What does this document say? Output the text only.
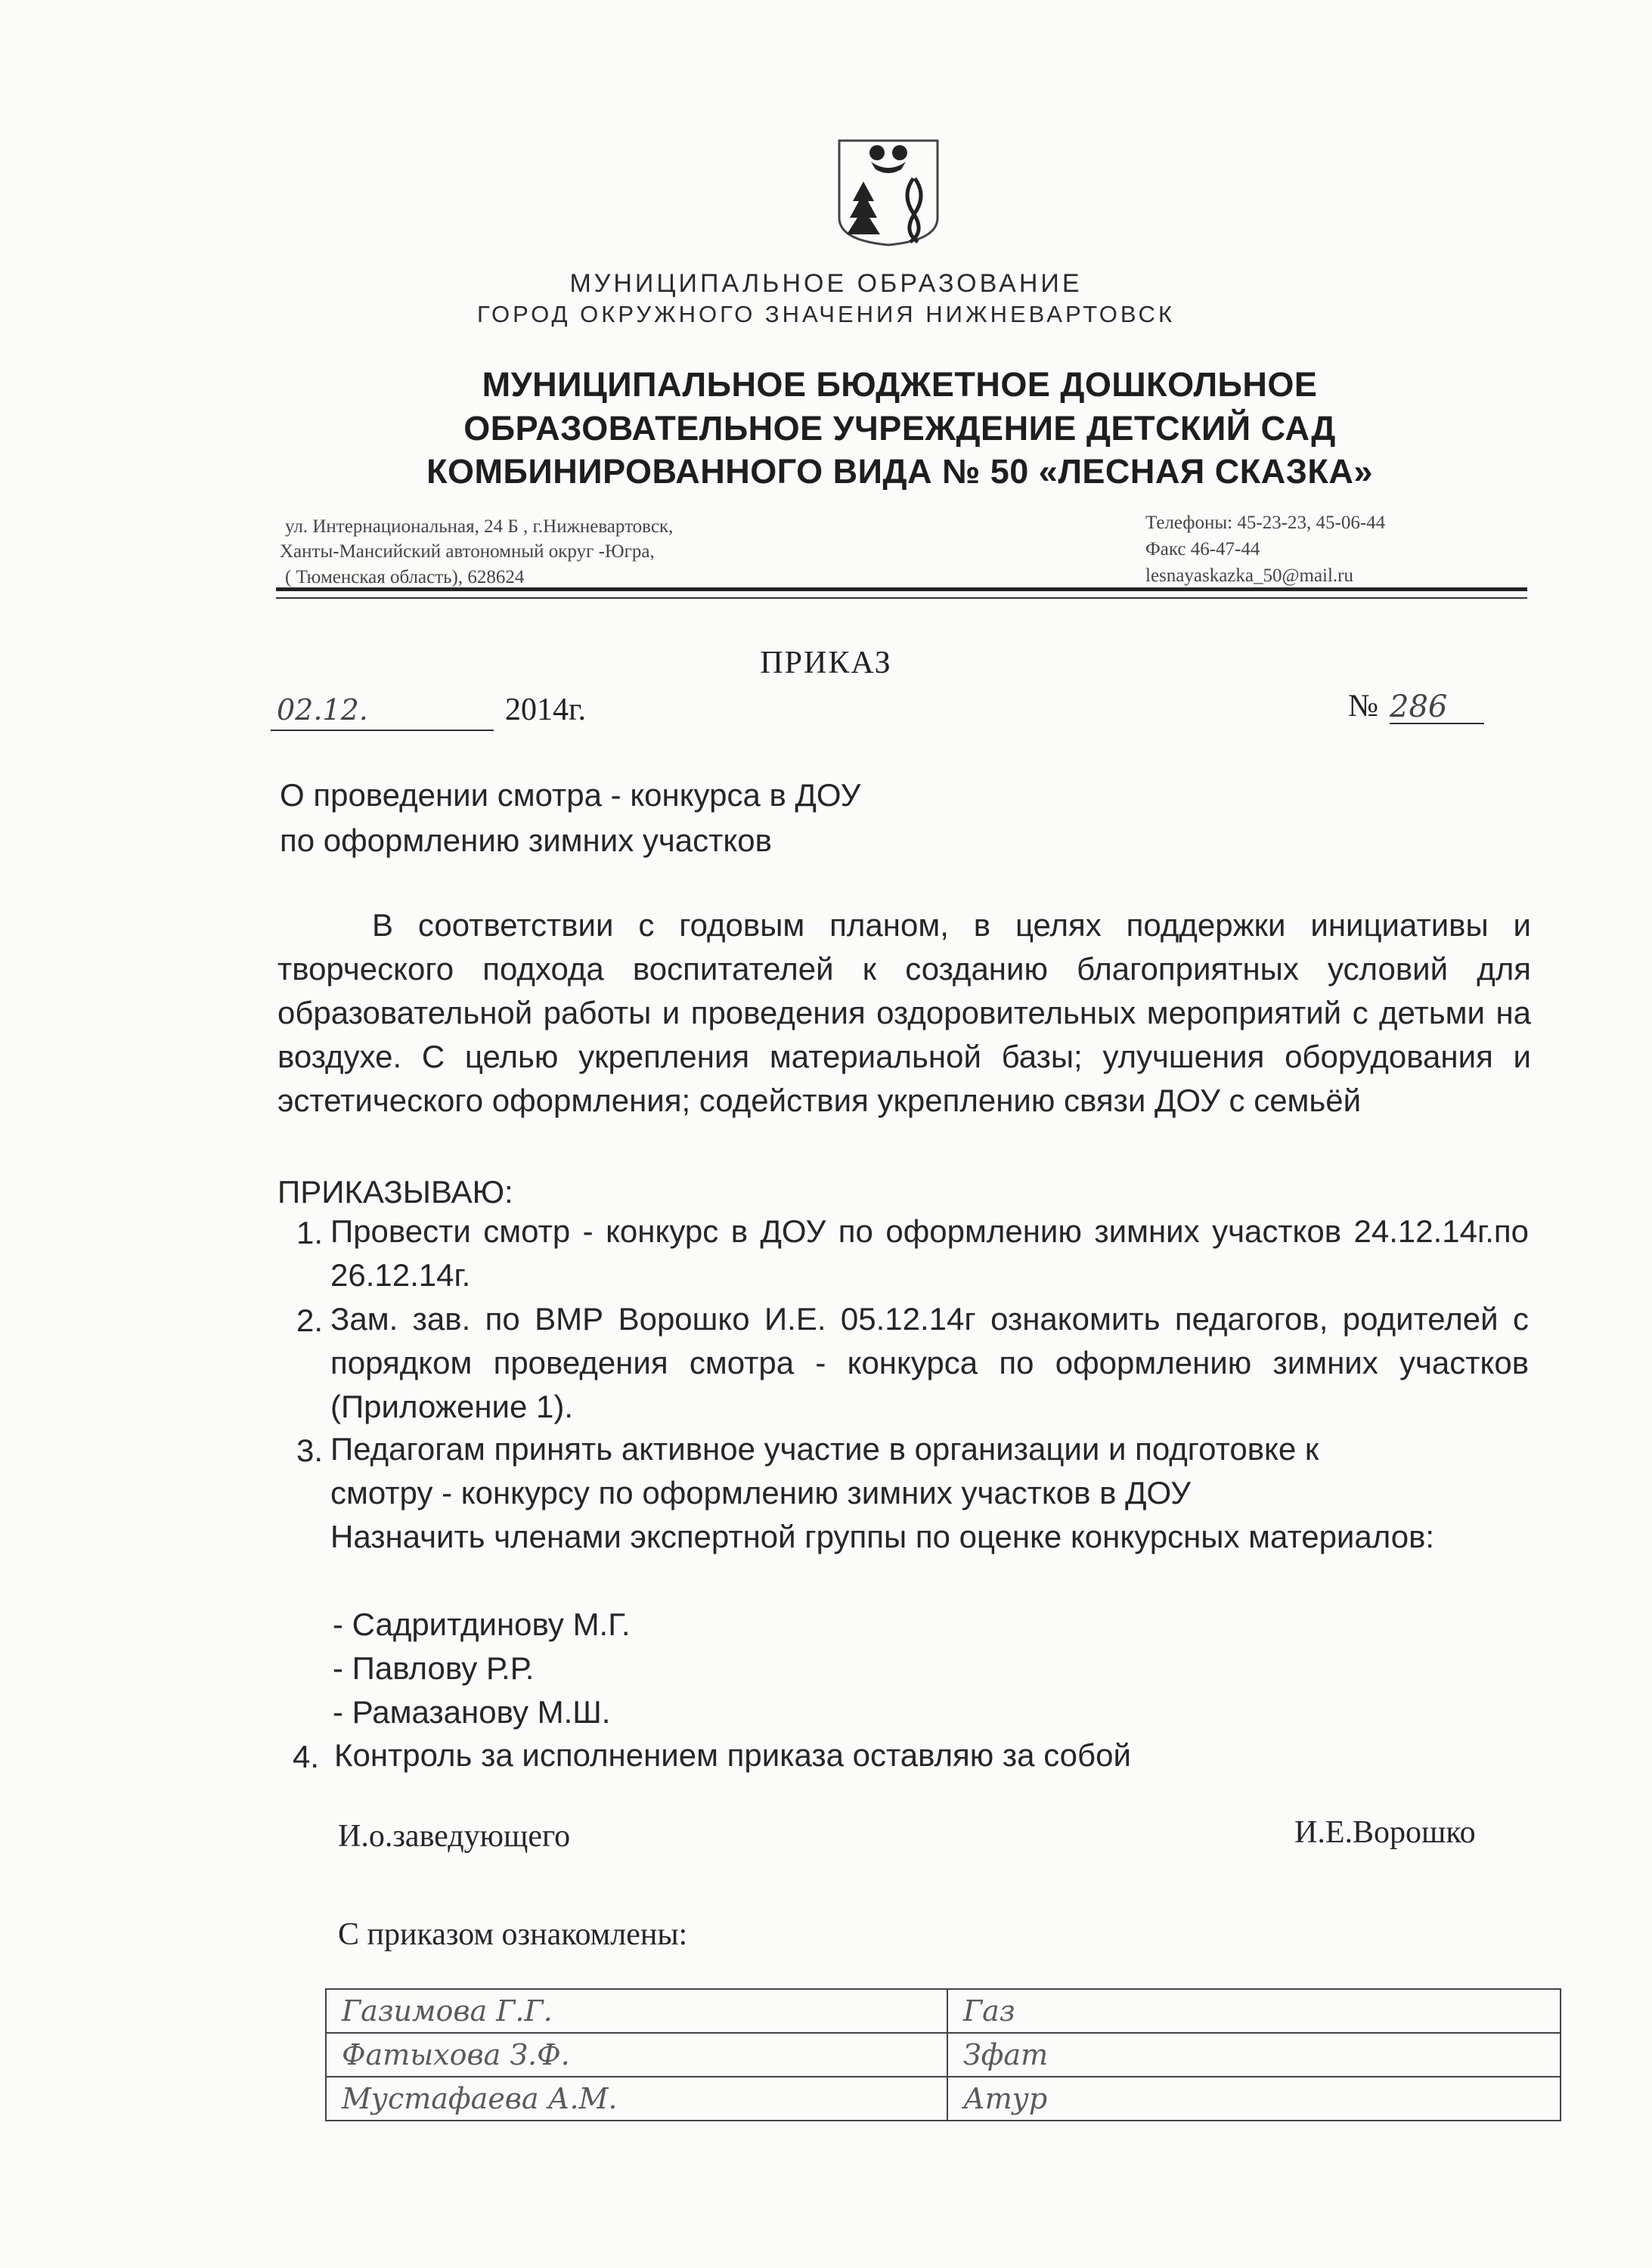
МУНИЦИПАЛЬНОЕ ОБРАЗОВАНИЕ
ГОРОД ОКРУЖНОГО ЗНАЧЕНИЯ НИЖНЕВАРТОВСК
МУНИЦИПАЛЬНОЕ БЮДЖЕТНОЕ ДОШКОЛЬНОЕ
ОБРАЗОВАТЕЛЬНОЕ УЧРЕЖДЕНИЕ ДЕТСКИЙ САД
КОМБИНИРОВАННОГО ВИДА № 50 «ЛЕСНАЯ СКАЗКА»
ул. Интернациональная, 24 Б , г.Нижневартовск,
Ханты-Мансийский автономный округ -Югра,
( Тюменская область), 628624
Телефоны: 45-23-23, 45-06-44
Факс 46-47-44
lesnayaskazka_50@mail.ru
ПРИКАЗ
02.12.	2014г.	№ 286
О проведении смотра - конкурса в ДОУ
по оформлению зимних участков
В соответствии с годовым планом, в целях поддержки инициативы и творческого подхода воспитателей к созданию благоприятных условий для образовательной работы и проведения оздоровительных мероприятий с детьми на воздухе. С целью укрепления материальной базы; улучшения оборудования и эстетического оформления; содействия укреплению связи ДОУ с семьёй
ПРИКАЗЫВАЮ:
1. Провести смотр - конкурс в ДОУ по оформлению зимних участков 24.12.14г.по 26.12.14г.
2. Зам. зав. по ВМР Ворошко И.Е. 05.12.14г ознакомить педагогов, родителей с порядком проведения смотра - конкурса по оформлению зимних участков (Приложение 1).
3. Педагогам принять активное участие в организации и подготовке к
смотру - конкурсу по оформлению зимних участков в ДОУ
Назначить членами экспертной группы по оценке конкурсных материалов:
- Садритдинову М.Г.
- Павлову Р.Р.
- Рамазанову М.Ш.
4. Контроль за исполнением приказа оставляю за собой
И.о.заведующего	И.Е.Ворошко
С приказом ознакомлены:
Газимова Г.Г.	Газ
Фатыхова З.Ф.	Зфат
Мустафаева А.М.	Атур
